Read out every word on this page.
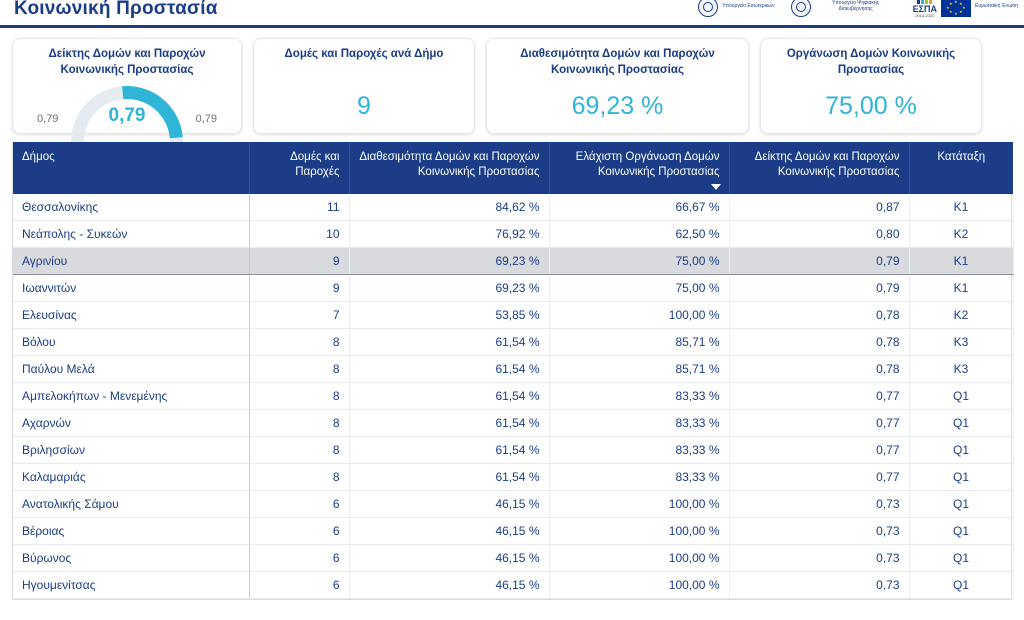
Κοινωνική Προστασία	Υπουργείο Εσωτερικών	Υπουργείο Ψηφιακής Διακυβέρνησης	ΕΣΠΑ
2014-2020
★ ★
★
★
★
★
★
★
Ευρωπαϊκή Ένωση
Δείκτης Δομών και Παροχών Κοινωνικής Προστασίας
0,79	0,79	0,79
Δομές και Παροχές ανά Δήμο
9
Διαθεσιμότητα Δομών και Παροχών Κοινωνικής Προστασίας
69,23 %
Οργάνωση Δομών Κοινωνικής Προστασίας
75,00 %
Δήμος	Δομές και Παροχές	Διαθεσιμότητα Δομών και Παροχών Κοινωνικής Προστασίας	Ελάχιστη Οργάνωση Δομών Κοινωνικής Προστασίας	Δείκτης Δομών και Παροχών Κοινωνικής Προστασίας	Κατάταξη
Θεσσαλονίκης	11	84,62 %	66,67 %	0,87	K1
Νεάπολης - Συκεών	10	76,92 %	62,50 %	0,80	K2
Αγρινίου	9	69,23 %	75,00 %	0,79	K1
Ιωαννιτών	9	69,23 %	75,00 %	0,79	K1
Ελευσίνας	7	53,85 %	100,00 %	0,78	K2
Βόλου	8	61,54 %	85,71 %	0,78	K3
Παύλου Μελά	8	61,54 %	85,71 %	0,78	K3
Αμπελοκήπων - Μενεμένης	8	61,54 %	83,33 %	0,77	Q1
Αχαρνών	8	61,54 %	83,33 %	0,77	Q1
Βριλησσίων	8	61,54 %	83,33 %	0,77	Q1
Καλαμαριάς	8	61,54 %	83,33 %	0,77	Q1
Ανατολικής Σάμου	6	46,15 %	100,00 %	0,73	Q1
Βέροιας	6	46,15 %	100,00 %	0,73	Q1
Βύρωνος	6	46,15 %	100,00 %	0,73	Q1
Ηγουμενίτσας	6	46,15 %	100,00 %	0,73	Q1
